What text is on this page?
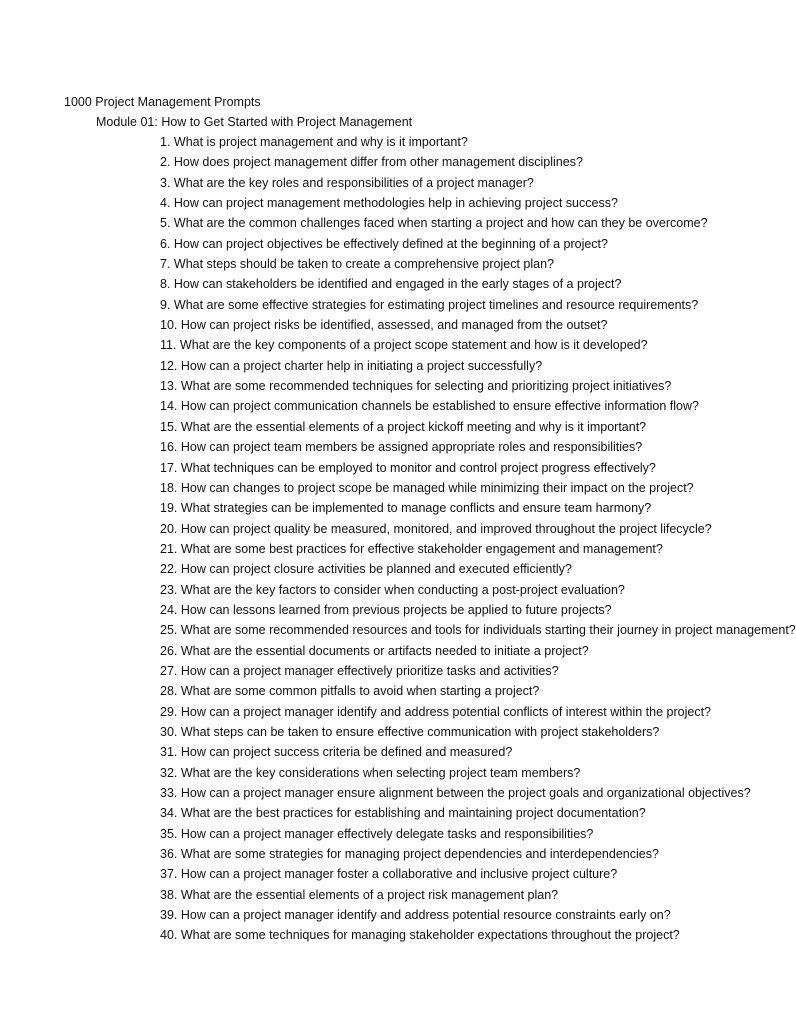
1000 Project Management Prompts
Module 01: How to Get Started with Project Management
1. What is project management and why is it important?
2. How does project management differ from other management disciplines?
3. What are the key roles and responsibilities of a project manager?
4. How can project management methodologies help in achieving project success?
5. What are the common challenges faced when starting a project and how can they be overcome?
6. How can project objectives be effectively defined at the beginning of a project?
7. What steps should be taken to create a comprehensive project plan?
8. How can stakeholders be identified and engaged in the early stages of a project?
9. What are some effective strategies for estimating project timelines and resource requirements?
10. How can project risks be identified, assessed, and managed from the outset?
11. What are the key components of a project scope statement and how is it developed?
12. How can a project charter help in initiating a project successfully?
13. What are some recommended techniques for selecting and prioritizing project initiatives?
14. How can project communication channels be established to ensure effective information flow?
15. What are the essential elements of a project kickoff meeting and why is it important?
16. How can project team members be assigned appropriate roles and responsibilities?
17. What techniques can be employed to monitor and control project progress effectively?
18. How can changes to project scope be managed while minimizing their impact on the project?
19. What strategies can be implemented to manage conflicts and ensure team harmony?
20. How can project quality be measured, monitored, and improved throughout the project lifecycle?
21. What are some best practices for effective stakeholder engagement and management?
22. How can project closure activities be planned and executed efficiently?
23. What are the key factors to consider when conducting a post-project evaluation?
24. How can lessons learned from previous projects be applied to future projects?
25. What are some recommended resources and tools for individuals starting their journey in project management?
26. What are the essential documents or artifacts needed to initiate a project?
27. How can a project manager effectively prioritize tasks and activities?
28. What are some common pitfalls to avoid when starting a project?
29. How can a project manager identify and address potential conflicts of interest within the project?
30. What steps can be taken to ensure effective communication with project stakeholders?
31. How can project success criteria be defined and measured?
32. What are the key considerations when selecting project team members?
33. How can a project manager ensure alignment between the project goals and organizational objectives?
34. What are the best practices for establishing and maintaining project documentation?
35. How can a project manager effectively delegate tasks and responsibilities?
36. What are some strategies for managing project dependencies and interdependencies?
37. How can a project manager foster a collaborative and inclusive project culture?
38. What are the essential elements of a project risk management plan?
39. How can a project manager identify and address potential resource constraints early on?
40. What are some techniques for managing stakeholder expectations throughout the project?
